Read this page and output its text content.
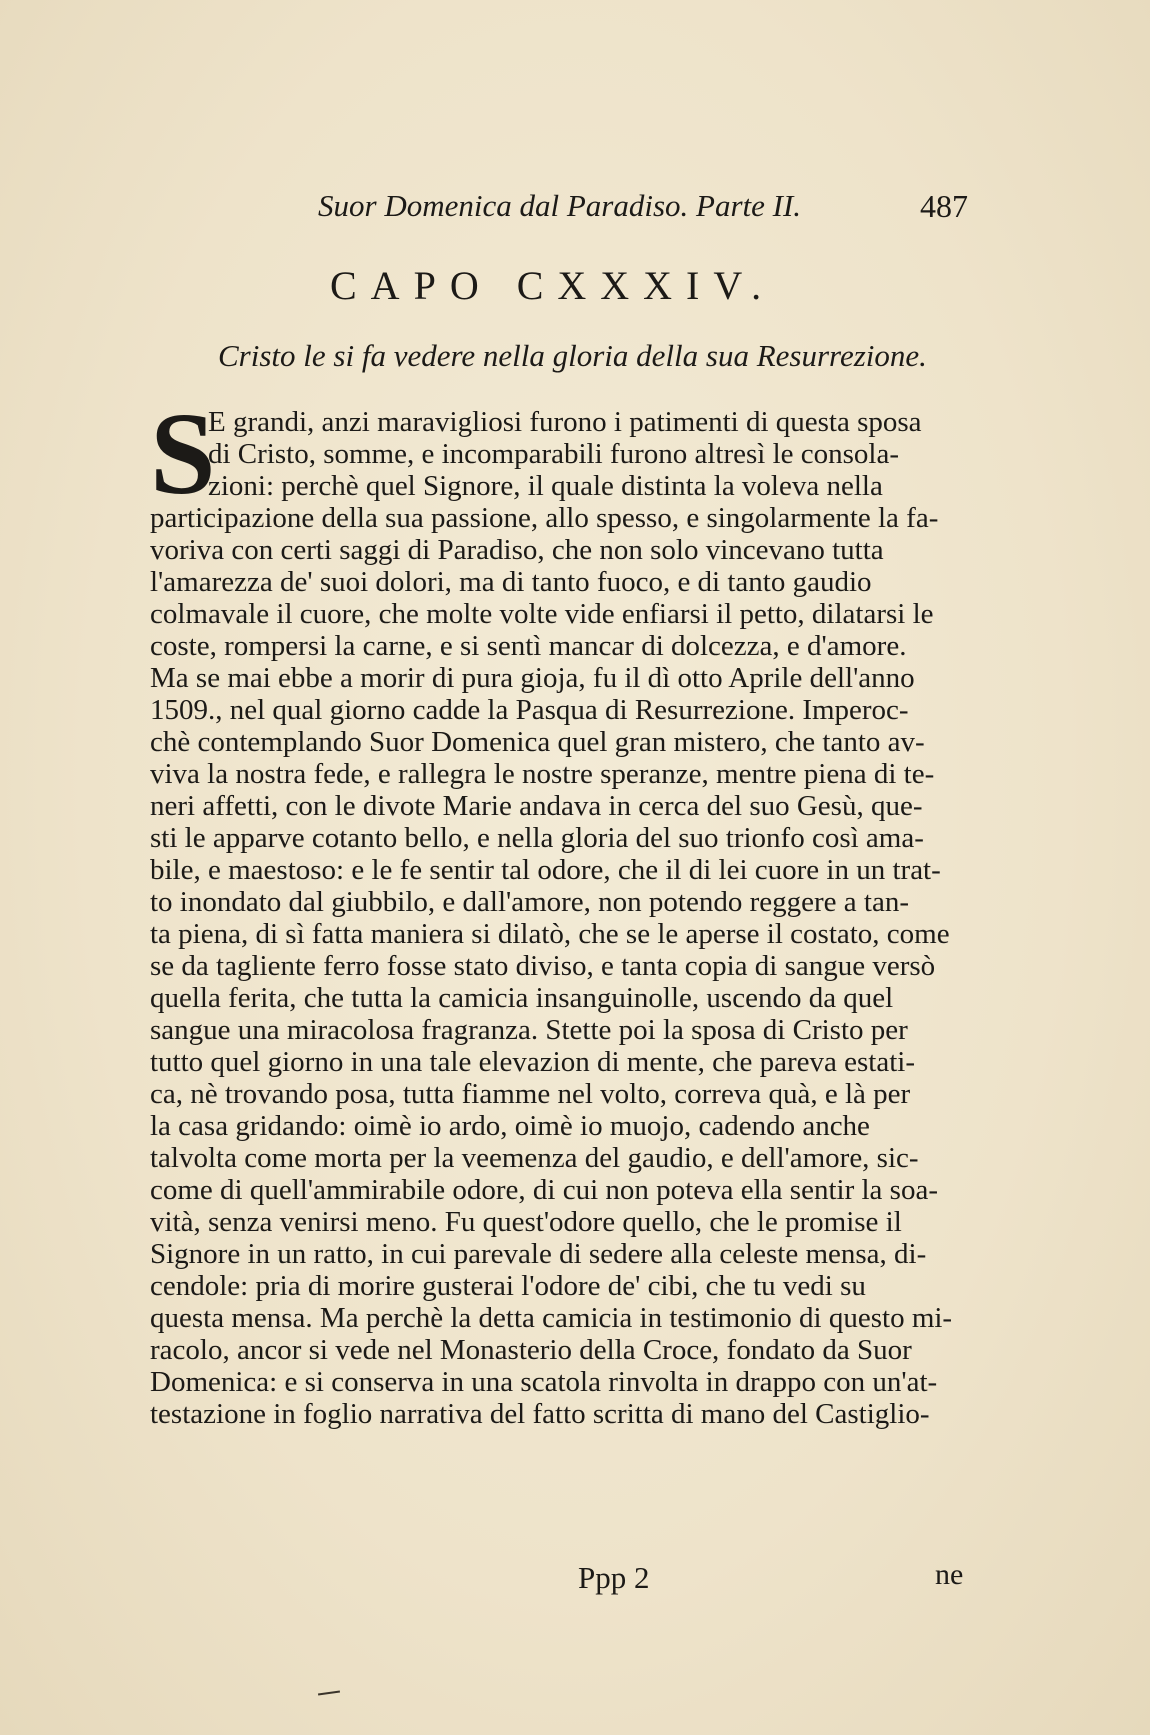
Suor Domenica dal Paradiso. Parte II.	487
CAPO CXXXIV.
Cristo le si fa vedere nella gloria della sua Resurrezione.
S
E grandi, anzi maravigliosi furono i patimenti di questa sposa
di Cristo, somme, e incomparabili furono altresì le consola-
zioni: perchè quel Signore, il quale distinta la voleva nella
participazione della sua passione, allo spesso, e singolarmente la fa-
voriva con certi saggi di Paradiso, che non solo vincevano tutta
l'amarezza de' suoi dolori, ma di tanto fuoco, e di tanto gaudio
colmavale il cuore, che molte volte vide enfiarsi il petto, dilatarsi le
coste, rompersi la carne, e si sentì mancar di dolcezza, e d'amore.
Ma se mai ebbe a morir di pura gioja, fu il dì otto Aprile dell'anno
1509., nel qual giorno cadde la Pasqua di Resurrezione. Imperoc-
chè contemplando Suor Domenica quel gran mistero, che tanto av-
viva la nostra fede, e rallegra le nostre speranze, mentre piena di te-
neri affetti, con le divote Marie andava in cerca del suo Gesù, que-
sti le apparve cotanto bello, e nella gloria del suo trionfo così ama-
bile, e maestoso: e le fe sentir tal odore, che il di lei cuore in un trat-
to inondato dal giubbilo, e dall'amore, non potendo reggere a tan-
ta piena, di sì fatta maniera si dilatò, che se le aperse il costato, come
se da tagliente ferro fosse stato diviso, e tanta copia di sangue versò
quella ferita, che tutta la camicia insanguinolle, uscendo da quel
sangue una miracolosa fragranza. Stette poi la sposa di Cristo per
tutto quel giorno in una tale elevazion di mente, che pareva estati-
ca, nè trovando posa, tutta fiamme nel volto, correva quà, e là per
la casa gridando: oimè io ardo, oimè io muojo, cadendo anche
talvolta come morta per la veemenza del gaudio, e dell'amore, sic-
come di quell'ammirabile odore, di cui non poteva ella sentir la soa-
vità, senza venirsi meno. Fu quest'odore quello, che le promise il
Signore in un ratto, in cui parevale di sedere alla celeste mensa, di-
cendole: pria di morire gusterai l'odore de' cibi, che tu vedi su
questa mensa. Ma perchè la detta camicia in testimonio di questo mi-
racolo, ancor si vede nel Monasterio della Croce, fondato da Suor
Domenica: e si conserva in una scatola rinvolta in drappo con un'at-
testazione in foglio narrativa del fatto scritta di mano del Castiglio-
Ppp 2	ne
